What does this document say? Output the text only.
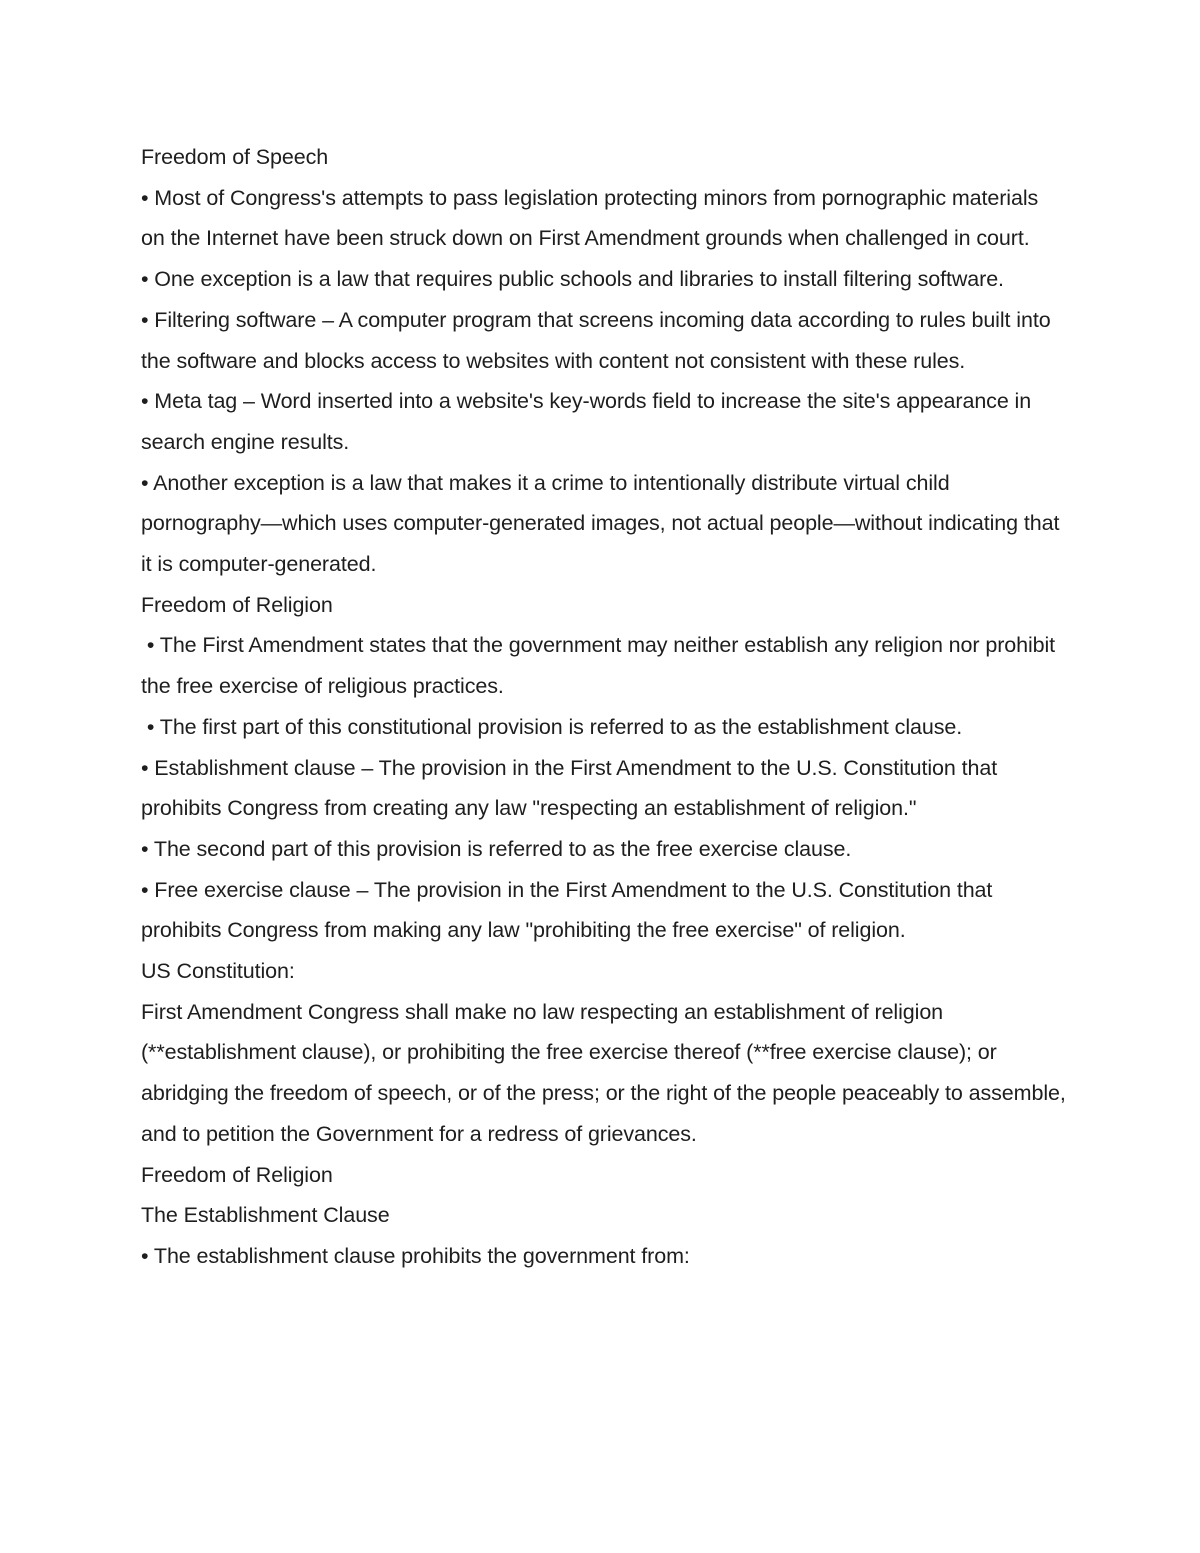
Freedom of Speech

• Most of Congress's attempts to pass legislation protecting minors from pornographic materials on the Internet have been struck down on First Amendment grounds when challenged in court.

• One exception is a law that requires public schools and libraries to install filtering software.

• Filtering software – A computer program that screens incoming data according to rules built into the software and blocks access to websites with content not consistent with these rules.

• Meta tag – Word inserted into a website's key-words field to increase the site's appearance in search engine results.

• Another exception is a law that makes it a crime to intentionally distribute virtual child pornography—which uses computer-generated images, not actual people—without indicating that it is computer-generated.

Freedom of Religion

• The First Amendment states that the government may neither establish any religion nor prohibit the free exercise of religious practices.

• The first part of this constitutional provision is referred to as the establishment clause.

• Establishment clause – The provision in the First Amendment to the U.S. Constitution that prohibits Congress from creating any law "respecting an establishment of religion."

• The second part of this provision is referred to as the free exercise clause.

• Free exercise clause – The provision in the First Amendment to the U.S. Constitution that prohibits Congress from making any law "prohibiting the free exercise" of religion.

US Constitution:

First Amendment Congress shall make no law respecting an establishment of religion (**establishment clause), or prohibiting the free exercise thereof (**free exercise clause); or abridging the freedom of speech, or of the press; or the right of the people peaceably to assemble, and to petition the Government for a redress of grievances.

Freedom of Religion

The Establishment Clause

• The establishment clause prohibits the government from:
